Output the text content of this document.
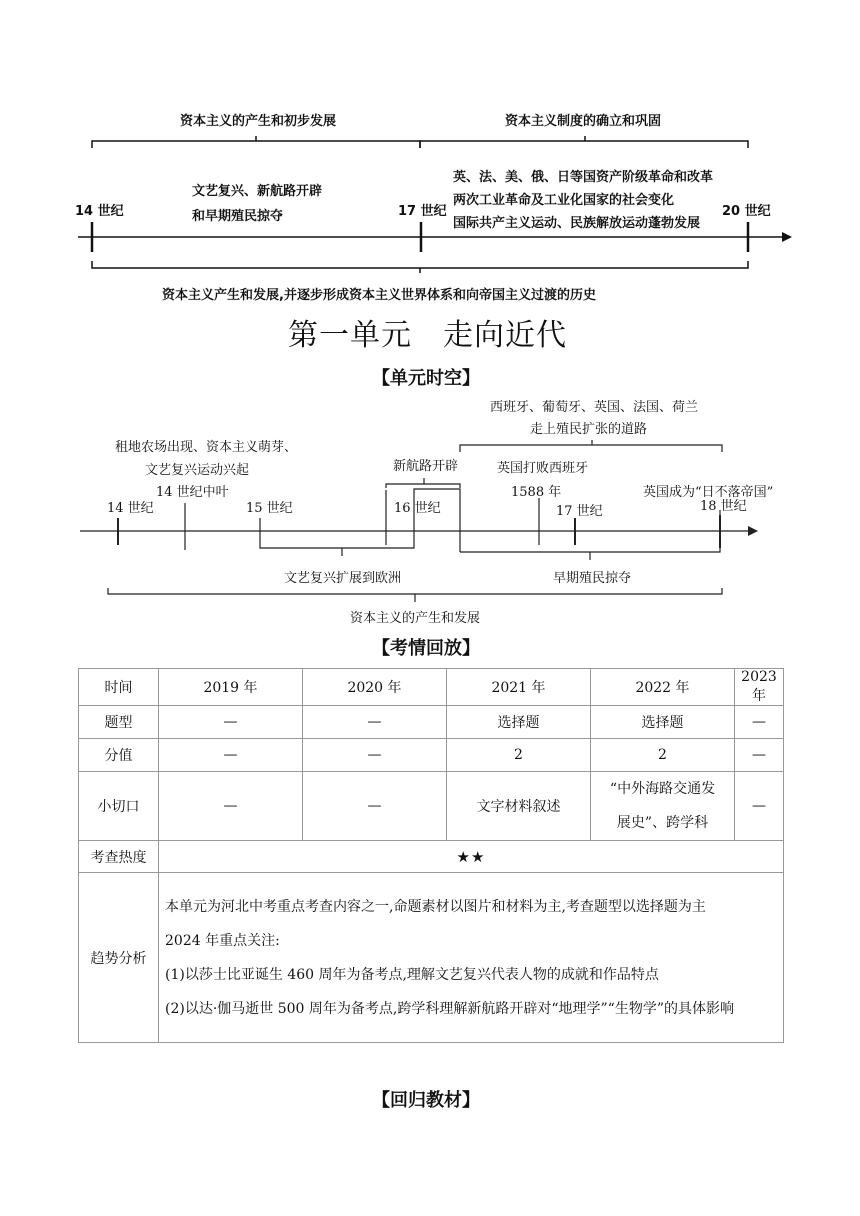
资本主义的产生和初步发展	资本主义制度的确立和巩固
文艺复兴、新航路开辟
和早期殖民掠夺
英、法、美、俄、日等国资产阶级革命和改革
两次工业革命及工业化国家的社会变化
国际共产主义运动、民族解放运动蓬勃发展
14 世纪	17 世纪	20 世纪
资本主义产生和发展,并逐步形成资本主义世界体系和向帝国主义过渡的历史
第一单元　走向近代
【单元时空】
西班牙、葡萄牙、英国、法国、荷兰
走上殖民扩张的道路
租地农场出现、资本主义萌芽、
文艺复兴运动兴起	新航路开辟	英国打败西班牙
14 世纪中叶	1588 年	英国成为“日不落帝国”
14 世纪	15 世纪	16 世纪	17 世纪	18 世纪
文艺复兴扩展到欧洲	早期殖民掠夺
资本主义的产生和发展
【考情回放】
时间	2019 年	2020 年	2021 年	2022 年	2023 年
题型	—	—	选择题	选择题	—
分值	—	—	2	2	—
小切口	—	—	文字材料叙述	“中外海路交通发展史”、跨学科	—
考查热度	★★				
趋势分析	本单元为河北中考重点考查内容之一,命题素材以图片和材料为主,考查题型以选择题为主
2024 年重点关注:
(1)以莎士比亚诞生 460 周年为备考点,理解文艺复兴代表人物的成就和作品特点
(2)以达·伽马逝世 500 周年为备考点,跨学科理解新航路开辟对“地理学”“生物学”的具体影响				
【回归教材】
